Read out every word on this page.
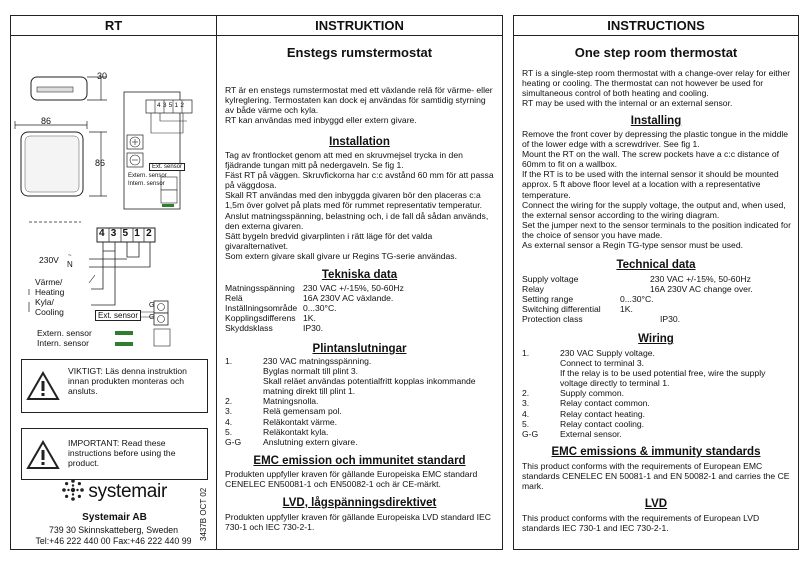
RT
30
86
86
43512
Ext. sensor
Extern. sensor
Intern. sensor
43512
230V ~
N
Värme/
Heating
Kyla/
Cooling	Ext. sensor
G
G
Extern. sensor
Intern. sensor
VIKTIGT: Läs denna instruktion innan produkten monteras och ansluts.
IMPORTANT: Read these instructions before using the product.
systemair
Systemair AB
739 30 Skinnskatteberg, Sweden
Tel:+46 222 440 00 Fax:+46 222 440 99 3437B OCT 02
INSTRUKTION
Enstegs rumstermostat
RT är en enstegs rumstermostat med ett växlande relä för värme- eller kylreglering. Termostaten kan dock ej användas för samtidig styrning av både värme och kyla.
RT kan användas med inbyggd eller extern givare.
Installation
Tag av frontlocket genom att med en skruvmejsel trycka in den fjädrande tungan mitt på nedergaveln. Se fig 1.
Fäst RT på väggen. Skruvfickorna har c:c avstånd 60 mm för att passa på väggdosa.
Skall RT användas med den inbyggda givaren bör den placeras c:a 1,5m över golvet på plats med för rummet representativ temperatur.
Anslut matningsspänning, belastning och, i de fall då sådan används, den externa givaren.
Sätt bygeln bredvid givarplinten i rätt läge för det valda givaralternativet.
Som extern givare skall givare ur Regins TG-serie användas.
Tekniska data
Matningsspänning 230 VAC +/-15%, 50-60Hz
Relä	16A 230V AC växlande.
Inställningsområde 0...30°C.
Kopplingsdifferens 1K.
Skyddsklass	IP30.
Plintanslutningar
1.	230 VAC matningsspänning.
Byglas normalt till plint 3.
Skall reläet användas potentialfritt kopplas inkommande matning direkt till plint 1.
2.	Matningsnolla.
3.	Relä gemensam pol.
4.	Reläkontakt värme.
5.	Reläkontakt kyla.
G-G	Anslutning extern givare.
EMC emission och immunitet standard
Produkten uppfyller kraven för gällande Europeiska EMC standard CENELEC EN50081-1 och EN50082-1 och är CE-märkt.
LVD, lågspänningsdirektivet
Produkten uppfyller kraven för gällande Europeiska LVD standard IEC 730-1 och IEC 730-2-1.
INSTRUCTIONS
One step room thermostat
RT is a single-step room thermostat with a change-over relay for either heating or cooling. The thermostat can not however be used for simultaneous control of both heating and cooling.
RT may be used with the internal or an external sensor.
Installing
Remove the front cover by depressing the plastic tongue in the middle of the lower edge with a screwdriver. See fig 1.
Mount the RT on the wall. The screw pockets have a c:c distance of 60mm to fit on a wallbox.
If the RT is to be used with the internal sensor it should be mounted approx. 5 ft above floor level at a location with a representative temperature.
Connect the wiring for the supply voltage, the output and, when used, the external sensor according to the wiring diagram.
Set the jumper next to the sensor terminals to the position indicated for the choice of sensor you have made.
As external sensor a Regin TG-type sensor must be used.
Technical data
Supply voltage	230 VAC +/-15%, 50-60Hz
Relay	16A 230V AC change over.
Setting range	0...30°C.
Switching differential	1K.
Protection class	IP30.
Wiring
1.	230 VAC Supply voltage.
Connect to terminal 3.
If the relay is to be used potential free, wire the supply voltage directly to terminal 1.
2.	Supply common.
3.	Relay contact common.
4.	Relay contact heating.
5.	Relay contact cooling.
G-G	External sensor.
EMC emissions & immunity standards
This product conforms with the requirements of European EMC standards CENELEC EN 50081-1 and EN 50082-1 and carries the CE mark.
LVD
This product conforms with the requirements of European LVD standards IEC 730-1 and IEC 730-2-1.
